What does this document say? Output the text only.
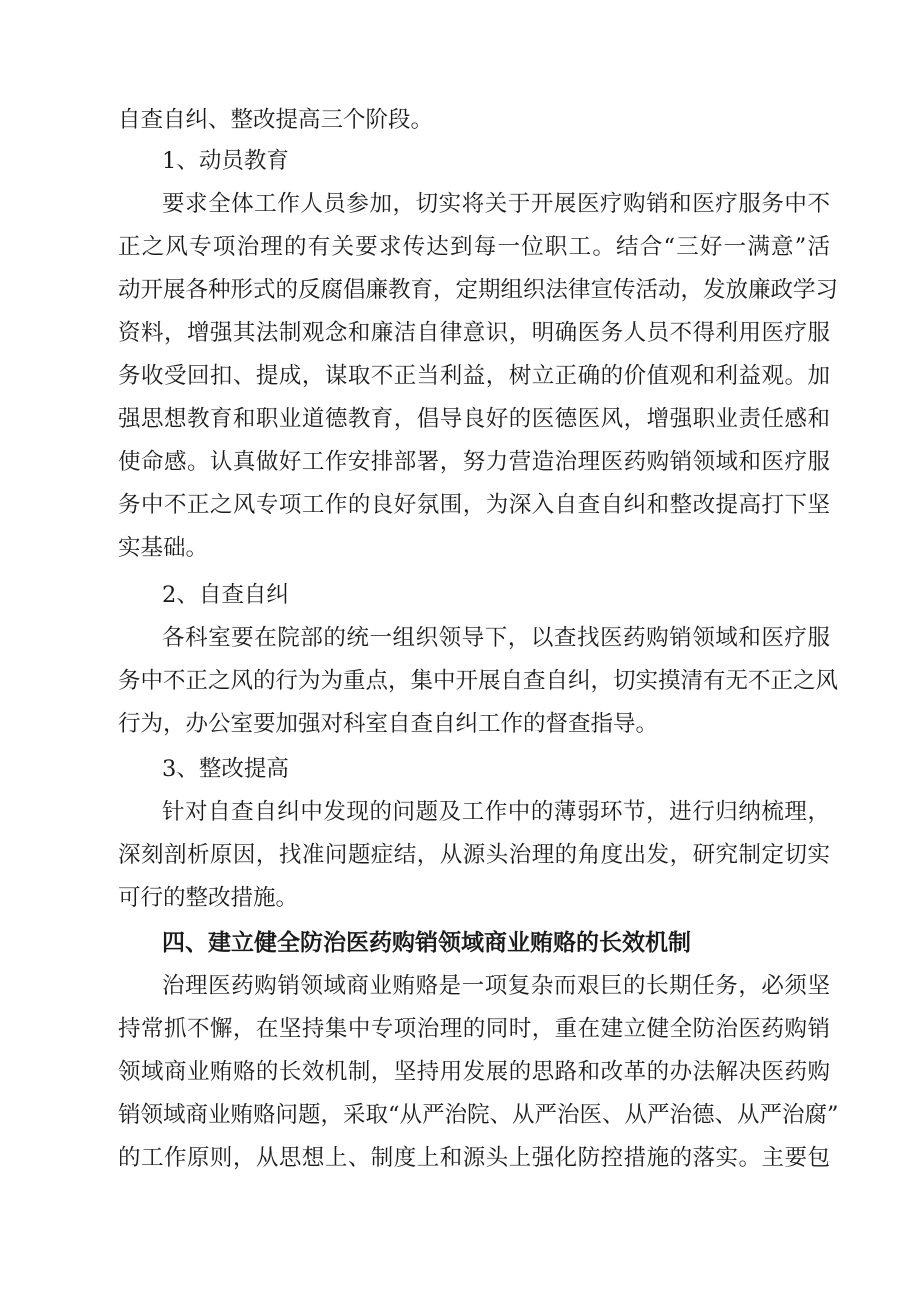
自查自纠、整改提高三个阶段。
1、动员教育
要求全体工作人员参加，切实将关于开展医疗购销和医疗服务中不
正之风专项治理的有关要求传达到每一位职工。结合“三好一满意”活
动开展各种形式的反腐倡廉教育，定期组织法律宣传活动，发放廉政学习
资料，增强其法制观念和廉洁自律意识，明确医务人员不得利用医疗服
务收受回扣、提成，谋取不正当利益，树立正确的价值观和利益观。加
强思想教育和职业道德教育，倡导良好的医德医风，增强职业责任感和
使命感。认真做好工作安排部署，努力营造治理医药购销领域和医疗服
务中不正之风专项工作的良好氛围，为深入自查自纠和整改提高打下坚
实基础。
2、自查自纠
各科室要在院部的统一组织领导下，以查找医药购销领域和医疗服
务中不正之风的行为为重点，集中开展自查自纠，切实摸清有无不正之风
行为，办公室要加强对科室自查自纠工作的督查指导。
3、整改提高
针对自查自纠中发现的问题及工作中的薄弱环节，进行归纳梳理，
深刻剖析原因，找准问题症结，从源头治理的角度出发，研究制定切实
可行的整改措施。
四、建立健全防治医药购销领域商业贿赂的长效机制
治理医药购销领域商业贿赂是一项复杂而艰巨的长期任务，必须坚
持常抓不懈，在坚持集中专项治理的同时，重在建立健全防治医药购销
领域商业贿赂的长效机制，坚持用发展的思路和改革的办法解决医药购
销领域商业贿赂问题，采取“从严治院、从严治医、从严治德、从严治腐”
的工作原则，从思想上、制度上和源头上强化防控措施的落实。主要包
